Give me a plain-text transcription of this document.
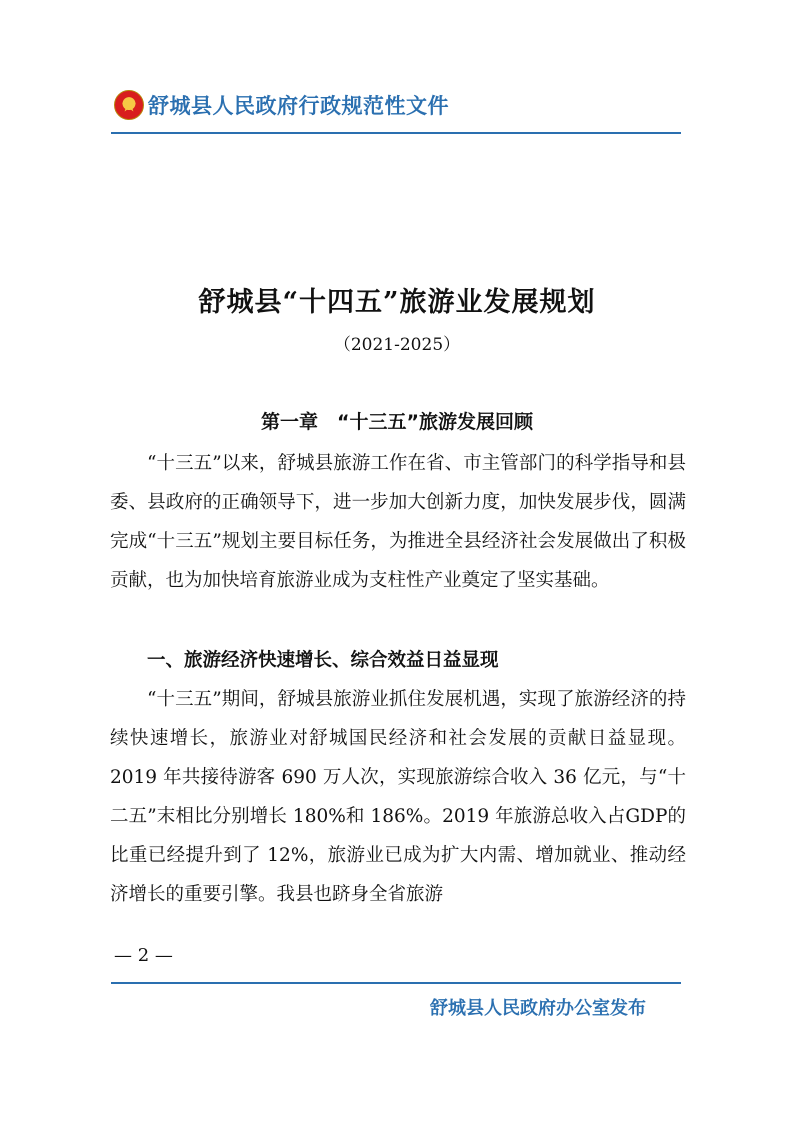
舒城县人民政府行政规范性文件
舒城县“十四五”旅游业发展规划
（2021-2025）
第一章　“十三五”旅游发展回顾
“十三五”以来，舒城县旅游工作在省、市主管部门的科学指导和县委、县政府的正确领导下，进一步加大创新力度，加快发展步伐，圆满完成“十三五”规划主要目标任务，为推进全县经济社会发展做出了积极贡献，也为加快培育旅游业成为支柱性产业奠定了坚实基础。
一、旅游经济快速增长、综合效益日益显现
“十三五”期间，舒城县旅游业抓住发展机遇，实现了旅游经济的持续快速增长，旅游业对舒城国民经济和社会发展的贡献日益显现。2019 年共接待游客 690 万人次，实现旅游综合收入 36 亿元，与“十二五”末相比分别增长 180%和 186%。2019 年旅游总收入占GDP的比重已经提升到了 12%，旅游业已成为扩大内需、增加就业、推动经济增长的重要引擎。我县也跻身全省旅游
— 2 —
舒城县人民政府办公室发布
